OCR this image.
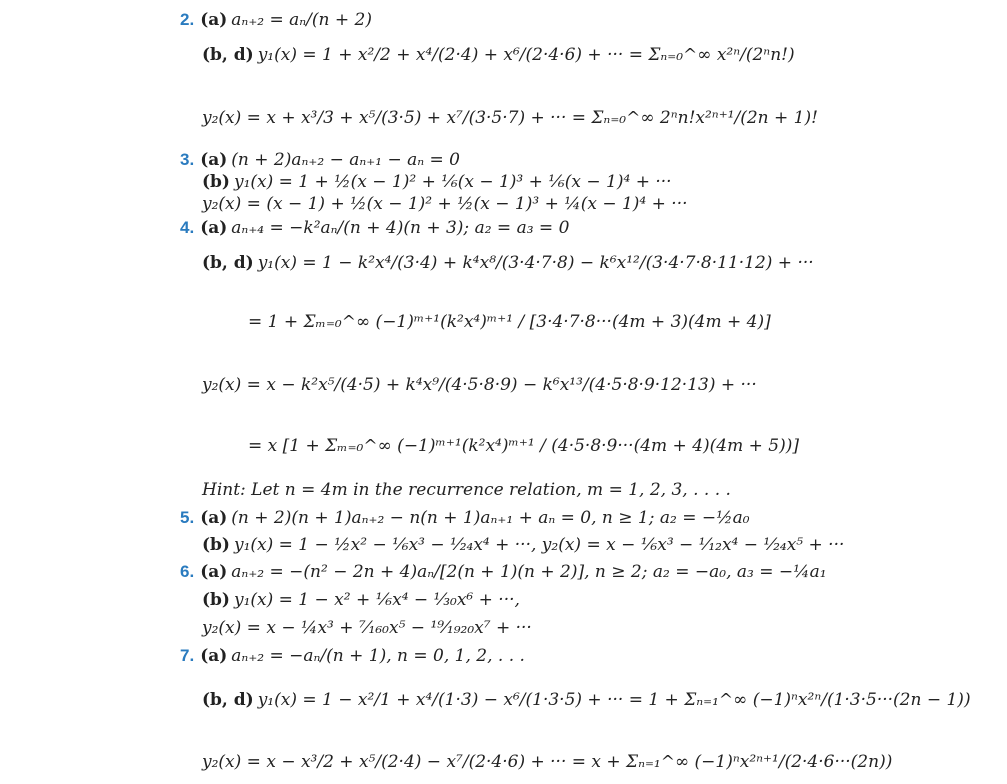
2. (a) aₙ₊₂ = aₙ/(n + 2)
(b, d) y₁(x) = 1 + x²/2 + x⁴/(2·4) + x⁶/(2·4·6) + ··· = Σₙ₌₀^∞ x²ⁿ/(2ⁿn!)
y₂(x) = x + x³/3 + x⁵/(3·5) + x⁷/(3·5·7) + ··· = Σₙ₌₀^∞ 2ⁿn!x²ⁿ⁺¹/(2n + 1)!
3. (a) (n + 2)aₙ₊₂ − aₙ₊₁ − aₙ = 0
(b) y₁(x) = 1 + ½(x − 1)² + ⅙(x − 1)³ + ⅙(x − 1)⁴ + ···
y₂(x) = (x − 1) + ½(x − 1)² + ½(x − 1)³ + ¼(x − 1)⁴ + ···
4. (a) aₙ₊₄ = −k²aₙ/(n + 4)(n + 3); a₂ = a₃ = 0
(b, d) y₁(x) = 1 − k²x⁴/(3·4) + k⁴x⁸/(3·4·7·8) − k⁶x¹²/(3·4·7·8·11·12) + ···
= 1 + Σₘ₌₀^∞ (−1)ᵐ⁺¹(k²x⁴)ᵐ⁺¹ / [3·4·7·8···(4m + 3)(4m + 4)]
y₂(x) = x − k²x⁵/(4·5) + k⁴x⁹/(4·5·8·9) − k⁶x¹³/(4·5·8·9·12·13) + ···
= x [1 + Σₘ₌₀^∞ (−1)ᵐ⁺¹(k²x⁴)ᵐ⁺¹ / (4·5·8·9···(4m + 4)(4m + 5))]
Hint: Let n = 4m in the recurrence relation, m = 1, 2, 3, . . . .
5. (a) (n + 2)(n + 1)aₙ₊₂ − n(n + 1)aₙ₊₁ + aₙ = 0, n ≥ 1; a₂ = −½a₀
(b) y₁(x) = 1 − ½x² − ⅙x³ − ¹⁄₂₄x⁴ + ···, y₂(x) = x − ⅙x³ − ¹⁄₁₂x⁴ − ¹⁄₂₄x⁵ + ···
6. (a) aₙ₊₂ = −(n² − 2n + 4)aₙ/[2(n + 1)(n + 2)], n ≥ 2; a₂ = −a₀, a₃ = −¼a₁
(b) y₁(x) = 1 − x² + ⅙x⁴ − ¹⁄₃₀x⁶ + ···,
y₂(x) = x − ¼x³ + ⁷⁄₁₆₀x⁵ − ¹⁹⁄₁₉₂₀x⁷ + ···
7. (a) aₙ₊₂ = −aₙ/(n + 1), n = 0, 1, 2, . . .
(b, d) y₁(x) = 1 − x²/1 + x⁴/(1·3) − x⁶/(1·3·5) + ··· = 1 + Σₙ₌₁^∞ (−1)ⁿx²ⁿ/(1·3·5···(2n − 1))
y₂(x) = x − x³/2 + x⁵/(2·4) − x⁷/(2·4·6) + ··· = x + Σₙ₌₁^∞ (−1)ⁿx²ⁿ⁺¹/(2·4·6···(2n))
